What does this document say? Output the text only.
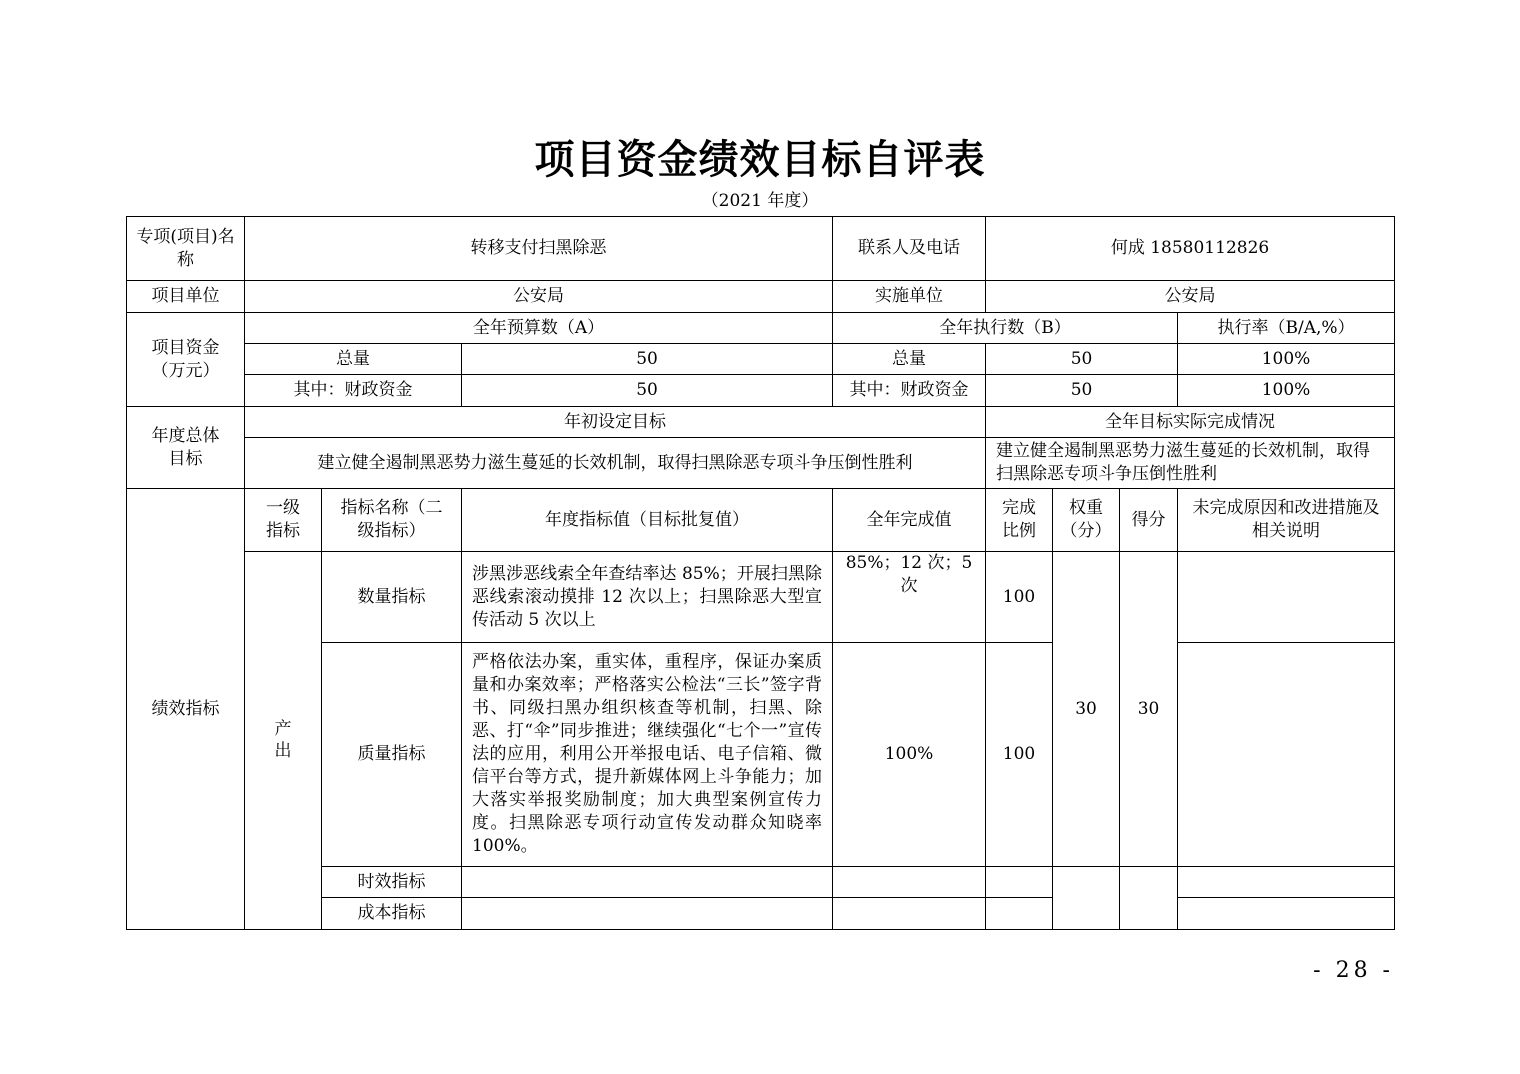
项目资金绩效目标自评表
（2021 年度）
专项(项目)名称	转移支付扫黑除恶			联系人及电话	何成 18580112826			
项目单位	公安局			实施单位	公安局			
项目资金（万元）	全年预算数（A）			全年执行数（B）				执行率（B/A,%）
	总量		50	总量	50			100%
	其中：财政资金		50	其中：财政资金	50			100%
年度总体目标	年初设定目标				全年目标实际完成情况			
	建立健全遏制黑恶势力滋生蔓延的长效机制，取得扫黑除恶专项斗争压倒性胜利				建立健全遏制黑恶势力滋生蔓延的长效机制，取得扫黑除恶专项斗争压倒性胜利			
绩效指标	一级指标	指标名称（二级指标）	年度指标值（目标批复值）	全年完成值	完成比例	权重（分）	得分	未完成原因和改进措施及相关说明
	产出	数量指标	涉黑涉恶线索全年查结率达 85%；开展扫黑除恶线索滚动摸排 12 次以上；扫黑除恶大型宣传活动 5 次以上	85%；12 次；5 次	100	30	30	
		质量指标	严格依法办案，重实体，重程序，保证办案质量和办案效率；严格落实公检法“三长”签字背书、同级扫黑办组织核查等机制，扫黑、除恶、打“伞”同步推进；继续强化“七个一”宣传法的应用，利用公开举报电话、电子信箱、微信平台等方式，提升新媒体网上斗争能力；加大落实举报奖励制度；加大典型案例宣传力度。扫黑除恶专项行动宣传发动群众知晓率 100%。	100%	100			
		时效指标						
		成本指标						
- 28 -
